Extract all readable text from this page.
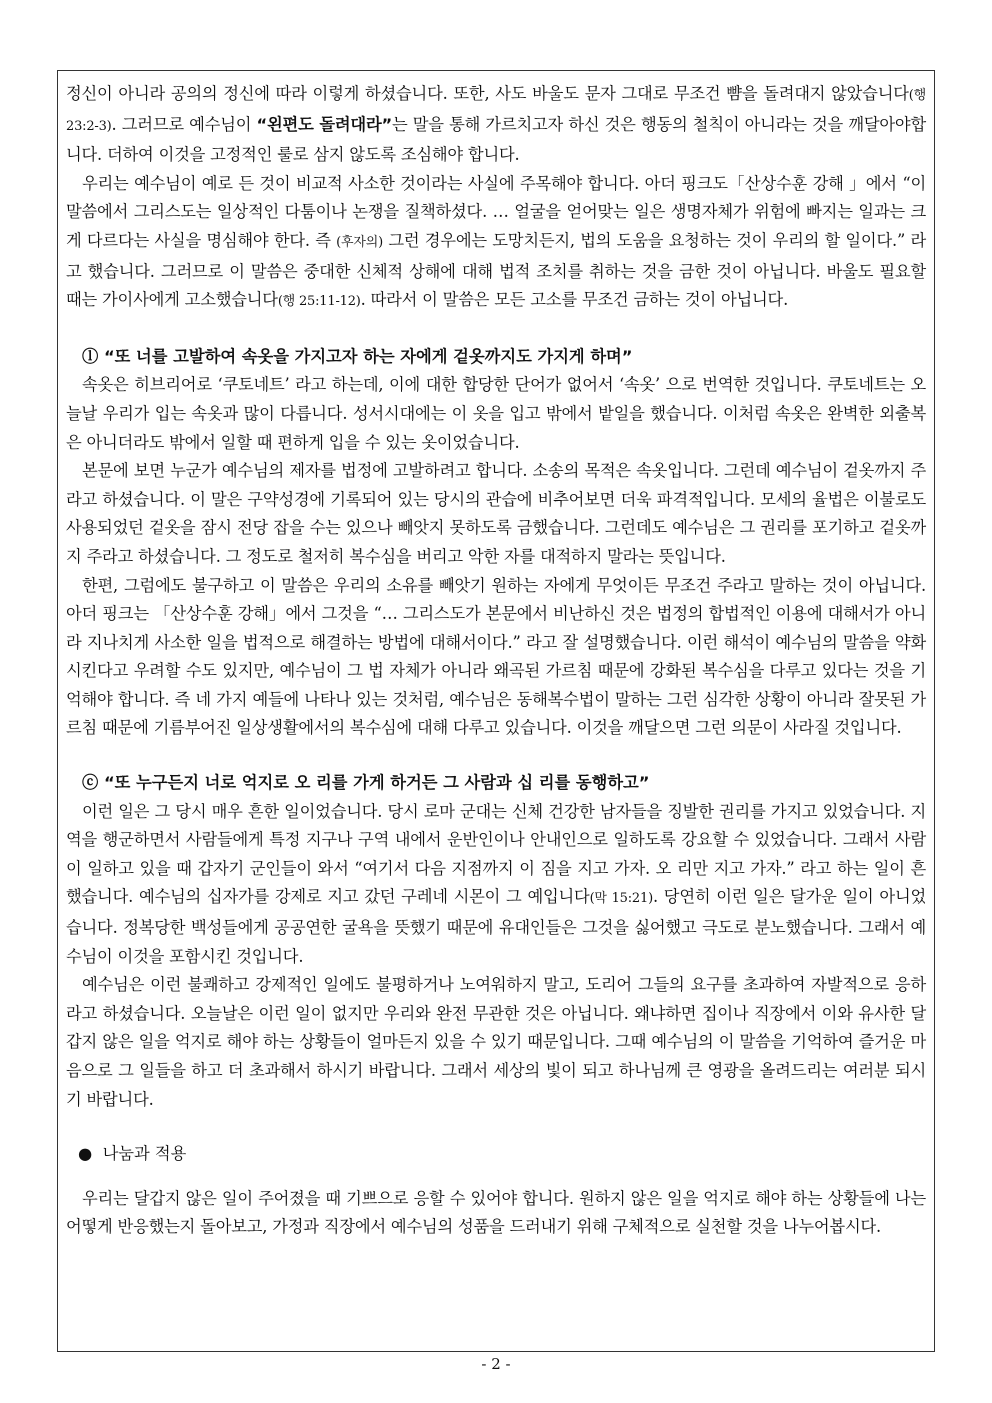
정신이 아니라 공의의 정신에 따라 이렇게 하셨습니다. 또한, 사도 바울도 문자 그대로 무조건 뺨을 돌려대지 않았습니다(행 23:2-3). 그러므로 예수님이 “왼편도 돌려대라”는 말을 통해 가르치고자 하신 것은 행동의 철칙이 아니라는 것을 깨달아야합니다. 더하여 이것을 고정적인 룰로 삼지 않도록 조심해야 합니다.

우리는 예수님이 예로 든 것이 비교적 사소한 것이라는 사실에 주목해야 합니다. 아더 핑크도「산상수훈 강해 」에서 “이 말씀에서 그리스도는 일상적인 다툼이나 논쟁을 질책하셨다. … 얼굴을 얻어맞는 일은 생명자체가 위험에 빠지는 일과는 크게 다르다는 사실을 명심해야 한다. 즉 (후자의) 그런 경우에는 도망치든지, 법의 도움을 요청하는 것이 우리의 할 일이다.” 라고 했습니다. 그러므로 이 말씀은 중대한 신체적 상해에 대해 법적 조치를 취하는 것을 금한 것이 아닙니다. 바울도 필요할 때는 가이사에게 고소했습니다(행 25:11-12). 따라서 이 말씀은 모든 고소를 무조건 금하는 것이 아닙니다.

ⓛ “또 너를 고발하여 속옷을 가지고자 하는 자에게 겉옷까지도 가지게 하며”

속옷은 히브리어로 ‘쿠토네트’ 라고 하는데, 이에 대한 합당한 단어가 없어서 ‘속옷’ 으로 번역한 것입니다. 쿠토네트는 오늘날 우리가 입는 속옷과 많이 다릅니다. 성서시대에는 이 옷을 입고 밖에서 밭일을 했습니다. 이처럼 속옷은 완벽한 외출복은 아니더라도 밖에서 일할 때 편하게 입을 수 있는 옷이었습니다.

본문에 보면 누군가 예수님의 제자를 법정에 고발하려고 합니다. 소송의 목적은 속옷입니다. 그런데 예수님이 겉옷까지 주라고 하셨습니다. 이 말은 구약성경에 기록되어 있는 당시의 관습에 비추어보면 더욱 파격적입니다. 모세의 율법은 이불로도 사용되었던 겉옷을 잠시 전당 잡을 수는 있으나 빼앗지 못하도록 금했습니다. 그런데도 예수님은 그 권리를 포기하고 겉옷까지 주라고 하셨습니다. 그 정도로 철저히 복수심을 버리고 악한 자를 대적하지 말라는 뜻입니다.

한편, 그럼에도 불구하고 이 말씀은 우리의 소유를 빼앗기 원하는 자에게 무엇이든 무조건 주라고 말하는 것이 아닙니다. 아더 핑크는 「산상수훈 강해」에서 그것을 “… 그리스도가 본문에서 비난하신 것은 법정의 합법적인 이용에 대해서가 아니라 지나치게 사소한 일을 법적으로 해결하는 방법에 대해서이다.” 라고 잘 설명했습니다. 이런 해석이 예수님의 말씀을 약화시킨다고 우려할 수도 있지만, 예수님이 그 법 자체가 아니라 왜곡된 가르침 때문에 강화된 복수심을 다루고 있다는 것을 기억해야 합니다. 즉 네 가지 예들에 나타나 있는 것처럼, 예수님은 동해복수법이 말하는 그런 심각한 상황이 아니라 잘못된 가르침 때문에 기름부어진 일상생활에서의 복수심에 대해 다루고 있습니다. 이것을 깨달으면 그런 의문이 사라질 것입니다.

ⓒ “또 누구든지 너로 억지로 오 리를 가게 하거든 그 사람과 십 리를 동행하고”

이런 일은 그 당시 매우 흔한 일이었습니다. 당시 로마 군대는 신체 건강한 남자들을 징발한 권리를 가지고 있었습니다. 지역을 행군하면서 사람들에게 특정 지구나 구역 내에서 운반인이나 안내인으로 일하도록 강요할 수 있었습니다. 그래서 사람이 일하고 있을 때 갑자기 군인들이 와서 “여기서 다음 지점까지 이 짐을 지고 가자. 오 리만 지고 가자.” 라고 하는 일이 흔했습니다. 예수님의 십자가를 강제로 지고 갔던 구레네 시몬이 그 예입니다(막 15:21). 당연히 이런 일은 달가운 일이 아니었습니다. 정복당한 백성들에게 공공연한 굴욕을 뜻했기 때문에 유대인들은 그것을 싫어했고 극도로 분노했습니다. 그래서 예수님이 이것을 포함시킨 것입니다.

예수님은 이런 불쾌하고 강제적인 일에도 불평하거나 노여워하지 말고, 도리어 그들의 요구를 초과하여 자발적으로 응하라고 하셨습니다. 오늘날은 이런 일이 없지만 우리와 완전 무관한 것은 아닙니다. 왜냐하면 집이나 직장에서 이와 유사한 달갑지 않은 일을 억지로 해야 하는 상황들이 얼마든지 있을 수 있기 때문입니다. 그때 예수님의 이 말씀을 기억하여 즐거운 마음으로 그 일들을 하고 더 초과해서 하시기 바랍니다. 그래서 세상의 빛이 되고 하나님께 큰 영광을 올려드리는 여러분 되시기 바랍니다.

● 나눔과 적용

우리는 달갑지 않은 일이 주어졌을 때 기쁘으로 응할 수 있어야 합니다. 원하지 않은 일을 억지로 해야 하는 상황들에 나는 어떻게 반응했는지 돌아보고, 가정과 직장에서 예수님의 성품을 드러내기 위해 구체적으로 실천할 것을 나누어봅시다.

- 2 -
